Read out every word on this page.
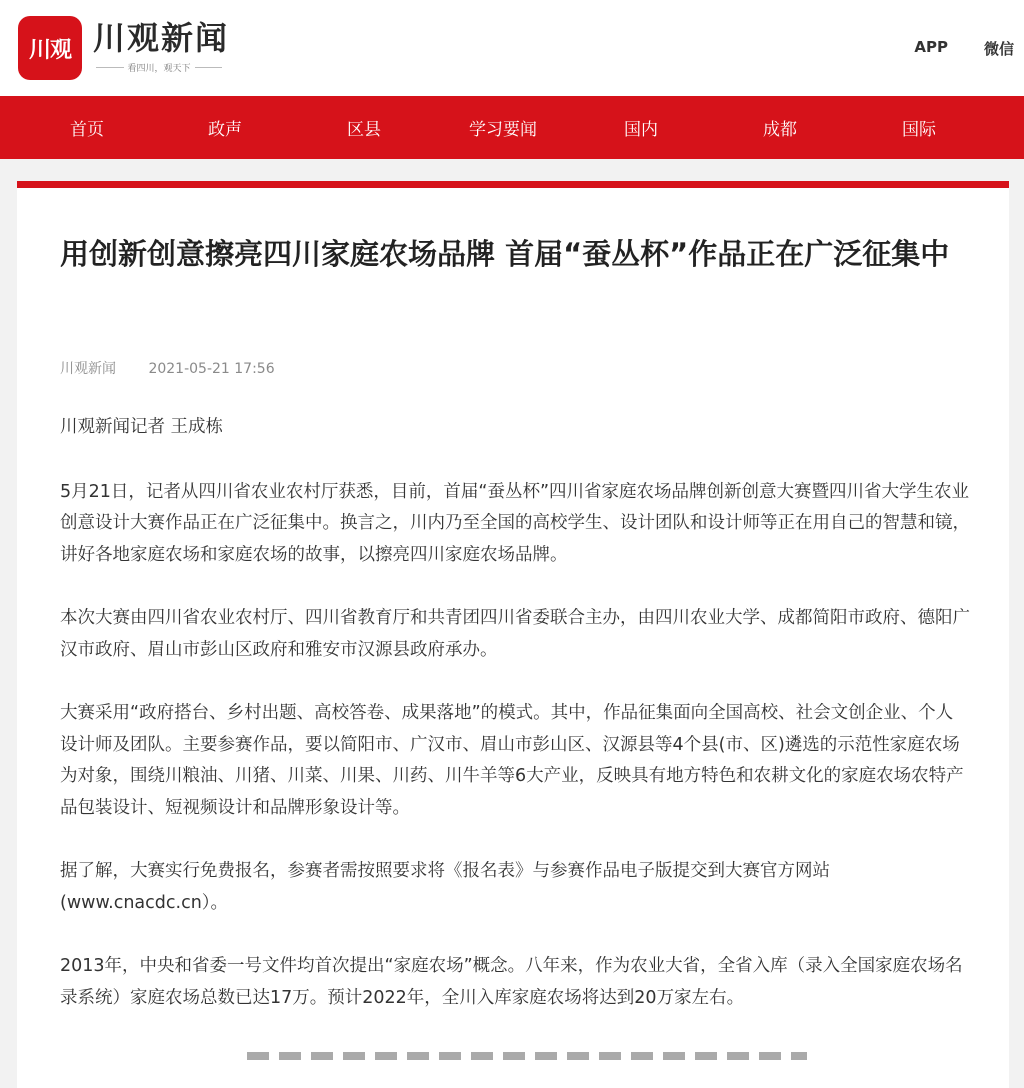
川观 川观新闻
看四川，观天下
APP 微信
首页	政声	区县	学习要闻	国内	成都	国际
用创新创意擦亮四川家庭农场品牌 首届“蚕丛杯”作品正在广泛征集中
川观新闻 2021-05-21 17:56

川观新闻记者 王成栋

5月21日，记者从四川省农业农村厅获悉，目前，首届“蚕丛杯”四川省家庭农场品牌创新创意大赛暨四川省大学生农业创意设计大赛作品正在广泛征集中。换言之，川内乃至全国的高校学生、设计团队和设计师等正在用自己的智慧和镜，讲好各地家庭农场和家庭农场的故事，以擦亮四川家庭农场品牌。

本次大赛由四川省农业农村厅、四川省教育厅和共青团四川省委联合主办，由四川农业大学、成都简阳市政府、德阳广汉市政府、眉山市彭山区政府和雅安市汉源县政府承办。

大赛采用“政府搭台、乡村出题、高校答卷、成果落地”的模式。其中，作品征集面向全国高校、社会文创企业、个人设计师及团队。主要参赛作品，要以简阳市、广汉市、眉山市彭山区、汉源县等4个县(市、区)遴选的示范性家庭农场为对象，围绕川粮油、川猪、川菜、川果、川药、川牛羊等6大产业，反映具有地方特色和农耕文化的家庭农场农特产品包装设计、短视频设计和品牌形象设计等。

据了解，大赛实行免费报名，参赛者需按照要求将《报名表》与参赛作品电子版提交到大赛官方网站(www.cnacdc.cn）。

2013年，中央和省委一号文件均首次提出“家庭农场”概念。八年来，作为农业大省，全省入库（录入全国家庭农场名录系统）家庭农场总数已达17万。预计2022年，全川入库家庭农场将达到20万家左右。
